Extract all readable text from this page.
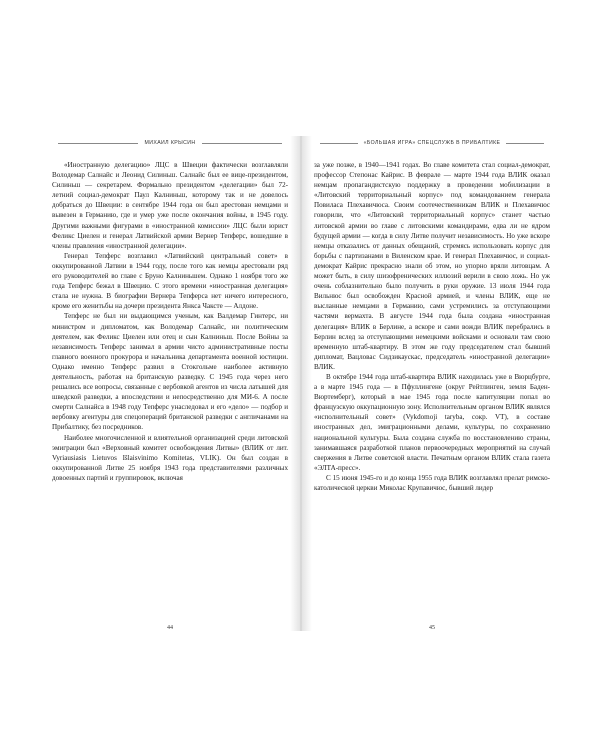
МИХАИЛ КРЫСИН

«Иностранную делегацию» ЛЦС в Швеции фактически возглавляли Володемар Салнайс и Леонид Силиньш. Салнайс был ее вице-президентом, Силиньш — секретарем. Формально президентом «делегации» был 72-летний социал-демократ Паул Калниньш, которому так и не довелось добраться до Швеции: в сентябре 1944 года он был арестован немцами и вывезен в Германию, где и умер уже после окончания войны, в 1945 году. Другими важными фигурами в «иностранной комиссии» ЛЦС были юрист Феликс Циелен и генерал Латвийской армии Вернер Тепферс, вошедшие в члены правления «иностранной делегации».

Генерал Тепферс возглавил «Латвийский центральный совет» в оккупированной Латвии в 1944 году, после того как немцы арестовали ряд его руководителей во главе с Бруно Калниньшем. Однако 1 ноября того же года Тепферс бежал в Швецию. С этого времени «иностранная делегация» стала не нужна. В биографии Вернера Тепферса нет ничего интересного, кроме его женитьбы на дочери президента Янкса Чаксте — Алдоне.

Тепферс не был ни выдающимся ученым, как Валдемар Гинтерс, ни министром и дипломатом, как Володемар Салнайс, ни политическим деятелем, как Феликс Циелен или отец и сын Калниньш. После Войны за независимость Тепферс занимал в армии чисто административные посты главного военного прокурора и начальника департамента военной юстиции. Однако именно Тепферс развил в Стокгольме наиболее активную деятельность, работая на британскую разведку. С 1945 года через него решались все вопросы, связанные с вербовкой агентов из числа латышей для шведской разведки, а впоследствии и непосредственно для МИ-6. А после смерти Салнайса в 1948 году Тепферс унаследовал и его «дело» — подбор и вербовку агентуры для спецопераций британской разведки с англичанами на Прибалтику, без посредников.

Наиболее многочисленной и влиятельной организацией среди литовской эмиграции был «Верховный комитет освобождения Литвы» (ВЛИК от лит. Vyriausiasis Lietuvos Išlaisvinimo Komitetas, VLIK). Он был создан в оккупированной Литве 25 ноября 1943 года представителями различных довоенных партий и группировок, включая

44
«БОЛЬШАЯ ИГРА» СПЕЦСЛУЖБ В ПРИБАЛТИКЕ

за уже позже, в 1940—1941 годах. Во главе комитета стал социал-демократ, профессор Степонас Кайрис. В феврале — марте 1944 года ВЛИК оказал немцам пропагандистскую поддержку в проведении мобилизации в «Литовский территориальный корпус» под командованием генерала Повиласа Плехавичюса. Своим соотечественникам ВЛИК и Плехавичюс говорили, что «Литовский территориальный корпус» станет частью литовской армии во главе с литовскими командирами, едва ли не ядром будущей армии — когда в силу Литве получит независимость. Но уже вскоре немцы отказались от данных обещаний, стремясь использовать корпус для борьбы с партизанами в Виленском крае. И генерал Плехавичюс, и социал-демократ Кайрис прекрасно знали об этом, но упорно вряли литовцам. А может быть, в силу шизофренических иллюзий верили в свою ложь. Но уж очень соблазнительно было получить в руки оружие. 13 июля 1944 года Вильнюс был освобожден Красной армией, и члены ВЛИК, еще не высланные немцами в Германию, сами устремились за отступающими частями вермахта. В августе 1944 года была создана «иностранная делегация» ВЛИК в Берлине, а вскоре и сами вожди ВЛИК перебрались в Берлин вслед за отступающими немецкими войсками и основали там свою временную штаб-квартиру. В этом же году председателем стал бывший дипломат, Вацловас Сидзикаускас, председатель «иностранной делегации» ВЛИК.

В октябре 1944 года штаб-квартира ВЛИК находилась уже в Вюрцбурге, а в марте 1945 года — в Пфуллингене (округ Рейтлинген, земля Баден-Вюртемберг), который в мае 1945 года после капитуляции попал во французскую оккупационную зону. Исполнительным органом ВЛИК являлся «исполнительный совет» (Vykdomoji taryba, сокр. VT), в составе иностранных дел, эмиграционными делами, культуры, по сохранению национальной культуры. Была создана служба по восстановлению страны, занимавшаяся разработкой планов первоочередных мероприятий на случай свержения в Литве советской власти. Печатным органом ВЛИК стала газета «ЭЛТА-пресс».

С 15 июня 1945-го и до конца 1955 года ВЛИК возглавлял прелат римско-католической церкви Миколас Крупавичюс, бывший лидер

45
